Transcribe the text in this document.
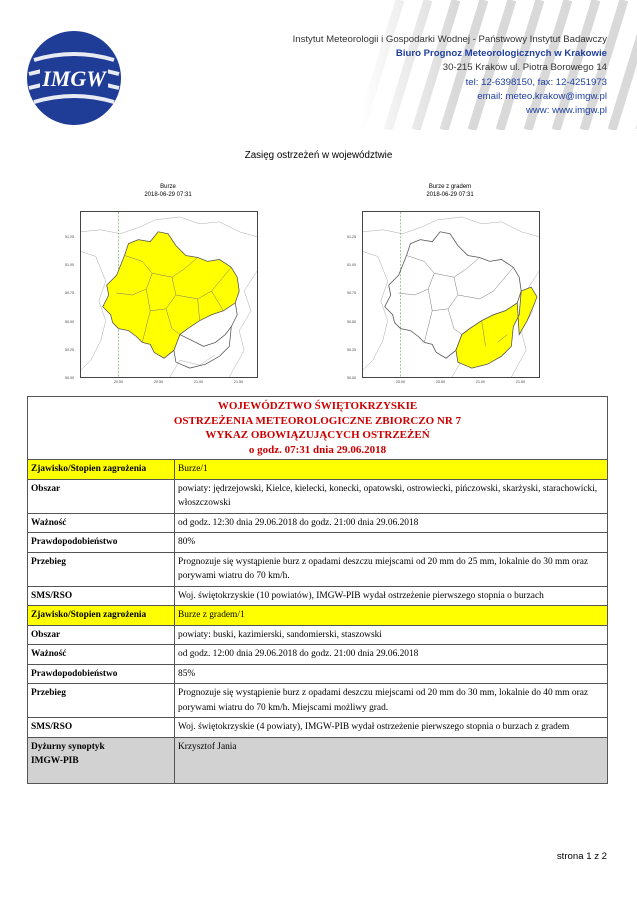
IMGW
Instytut Meteorologii i Gospodarki Wodnej - Państwowy Instytut Badawczy
Biuro Prognoz Meteorologicznych w Krakowie
30-215 Kraków ul. Piotra Borowego 14
tel: 12-6398150, fax: 12-4251973
email: meteo.krakow@imgw.pl
www: www.imgw.pl
Zasięg ostrzeżeń w województwie
Burze
2018-06-29 07:31
51.25
51.00
50.75
50.50
50.25
50.00
20.00	20.50	21.00	21.50
Burze z gradem
2018-06-29 07:31
51.25
51.00
50.75
50.50
50.25
50.00
20.00	20.50	21.00	21.50
WOJEWÓDZTWO ŚWIĘTOKRZYSKIE
OSTRZEŻENIA METEOROLOGICZNE ZBIORCZO NR 7
WYKAZ OBOWIĄZUJĄCYCH OSTRZEŻEŃ
o godz. 07:31 dnia 29.06.2018	

Zjawisko/Stopien zagrożenia	Burze/1
Obszar	powiaty: jędrzejowski, Kielce, kielecki, konecki, opatowski, ostrowiecki, pińczowski, skarżyski, starachowicki, włoszczowski
Ważność	od godz. 12:30 dnia 29.06.2018 do godz. 21:00 dnia 29.06.2018
Prawdopodobieństwo	80%
Przebieg	Prognozuje się wystąpienie burz z opadami deszczu miejscami od 20 mm do 25 mm, lokalnie do 30 mm oraz porywami wiatru do 70 km/h.
SMS/RSO	Woj. świętokrzyskie (10 powiatów), IMGW-PIB wydał ostrzeżenie pierwszego stopnia o burzach
Zjawisko/Stopien zagrożenia	Burze z gradem/1
Obszar	powiaty: buski, kazimierski, sandomierski, staszowski
Ważność	od godz. 12:00 dnia 29.06.2018 do godz. 21:00 dnia 29.06.2018
Prawdopodobieństwo	85%
Przebieg	Prognozuje się wystąpienie burz z opadami deszczu miejscami od 20 mm do 30 mm, lokalnie do 40 mm oraz porywami wiatru do 70 km/h. Miejscami możliwy grad.
SMS/RSO	Woj. świętokrzyskie (4 powiaty), IMGW-PIB wydał ostrzeżenie pierwszego stopnia o burzach z gradem

Dyżurny synoptyk
IMGW-PIB	Krzysztof Jania
strona 1 z 2
